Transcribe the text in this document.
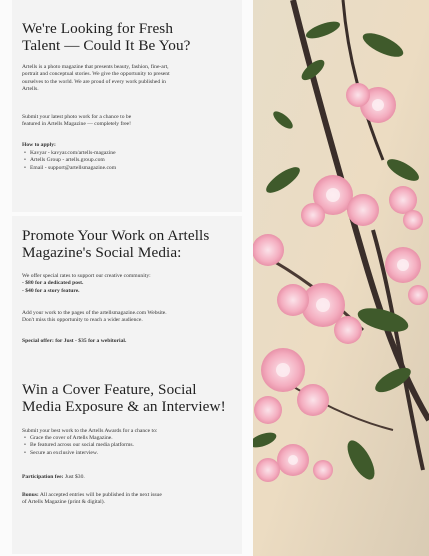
We're Looking for Fresh
Talent — Could It Be You?
Artells is a photo magazine that presents beauty, fashion, fine-art,
portrait and conceptual stories. We give the opportunity to present
ourselves to the world. We are proud of every work published in
Artells.
Submit your latest photo work for a chance to be
featured in Artells Magazine — completely free!
How to apply:
• Kavyar - kavyar.com/artells-magazine
• Artells Group - artells.group.com
• Email - support@artellsmagazine.com
Promote Your Work on Artells
Magazine's Social Media:
We offer special rates to support our creative community:
- $80 for a dedicated post.
- $40 for a story feature.
Add your work to the pages of the artellsmagazine.com Website.
Don't miss this opportunity to reach a wider audience.
Special offer: for Just - $35 for a webitorial.
Win a Cover Feature, Social
Media Exposure & an Interview!
Submit your best work to the Artells Awards for a chance to:
• Grace the cover of Artells Magazine.
• Be featured across our social media platforms.
• Secure an exclusive interview.
Participation fee: Just $30.
Bonus: All accepted entries will be published in the next issue
of Artells Magazine (print & digital).
